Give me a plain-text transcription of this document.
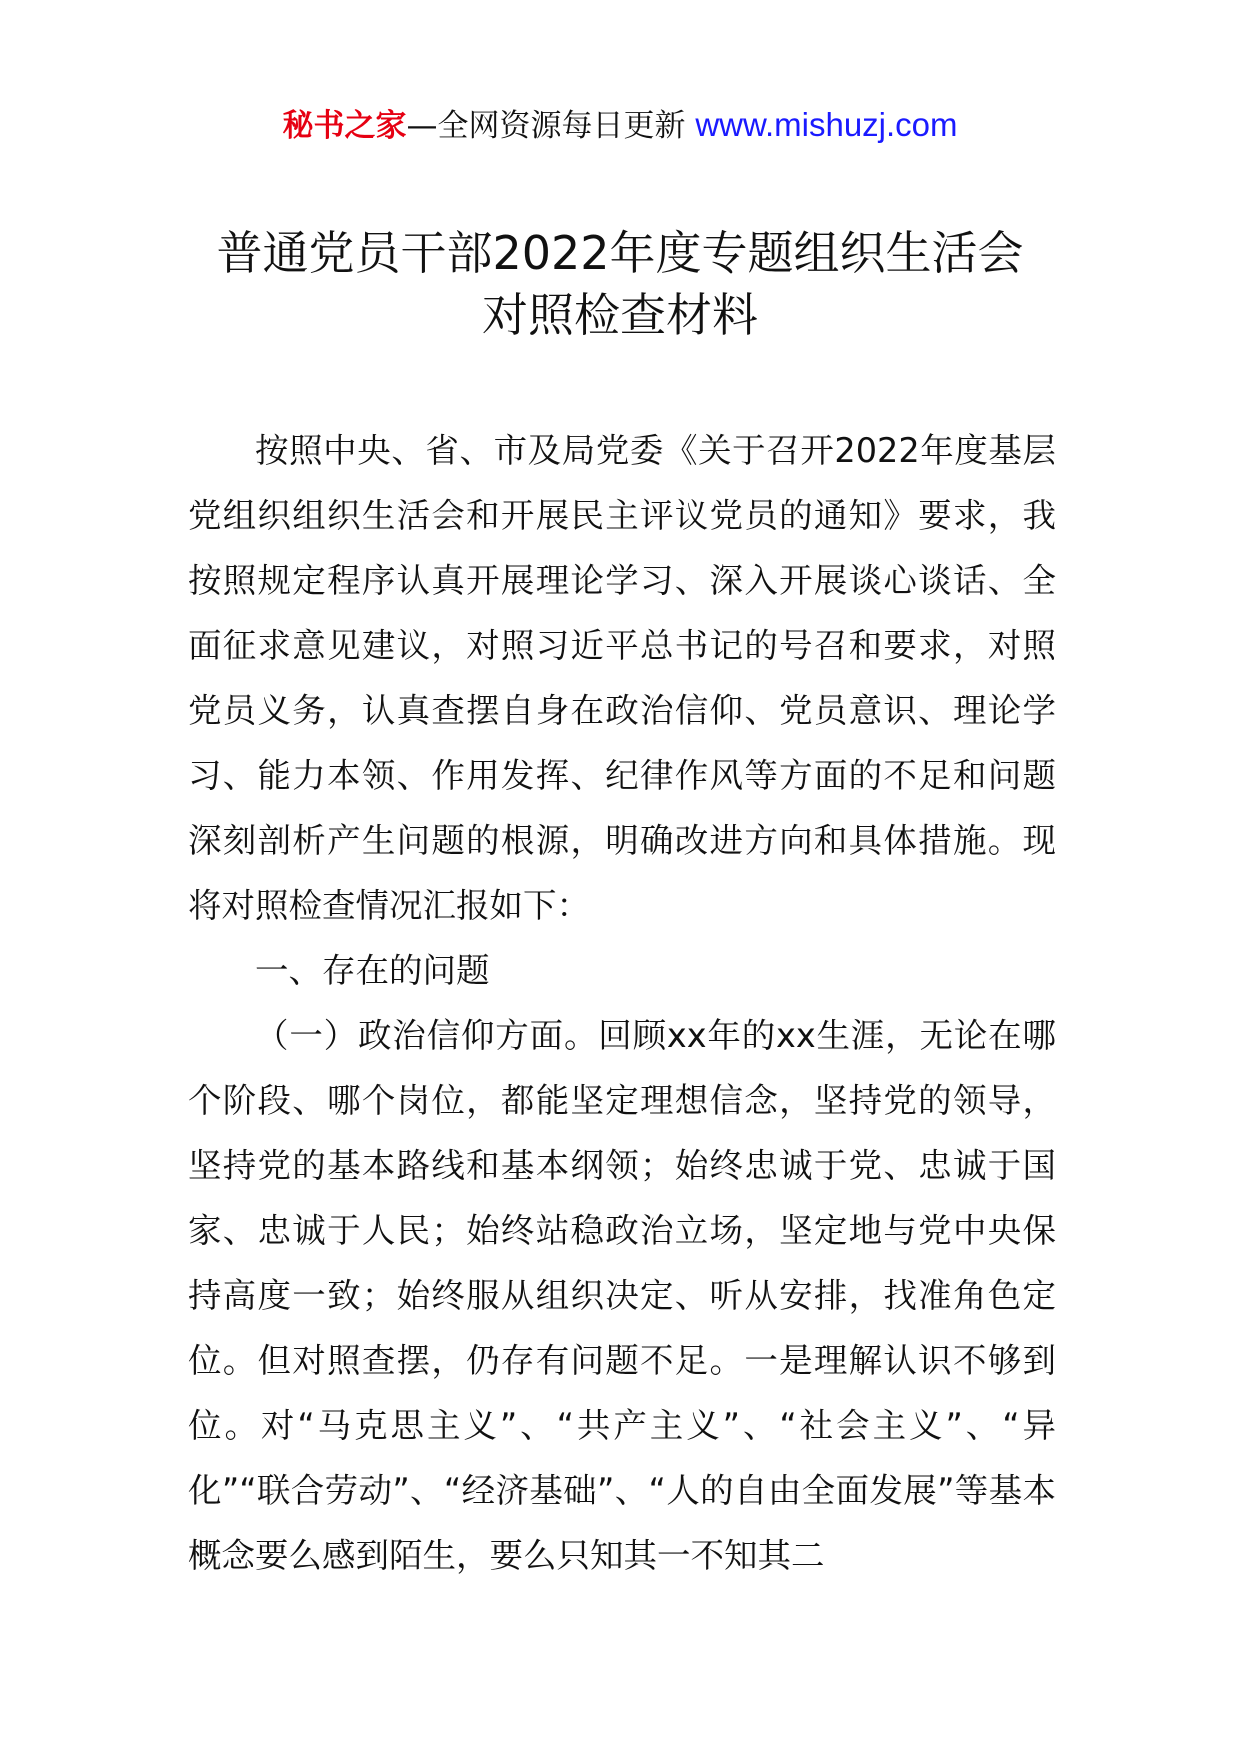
秘书之家—全网资源每日更新 www.mishuzj.com
普通党员干部2022年度专题组织生活会
对照检查材料

按照中央、省、市及局党委《关于召开2022年度基层党组织组织生活会和开展民主评议党员的通知》要求，我按照规定程序认真开展理论学习、深入开展谈心谈话、全面征求意见建议，对照习近平总书记的号召和要求，对照党员义务，认真查摆自身在政治信仰、党员意识、理论学习、能力本领、作用发挥、纪律作风等方面的不足和问题深刻剖析产生问题的根源，明确改进方向和具体措施。现将对照检查情况汇报如下：

一、存在的问题

（一）政治信仰方面。回顾xx年的xx生涯，无论在哪个阶段、哪个岗位，都能坚定理想信念，坚持党的领导，坚持党的基本路线和基本纲领；始终忠诚于党、忠诚于国家、忠诚于人民；始终站稳政治立场，坚定地与党中央保持高度一致；始终服从组织决定、听从安排，找准角色定位。但对照查摆，仍存有问题不足。一是理解认识不够到位。对“马克思主义”、“共产主义”、“社会主义”、“异化”“联合劳动”、“经济基础”、“人的自由全面发展”等基本概念要么感到陌生，要么只知其一不知其二
